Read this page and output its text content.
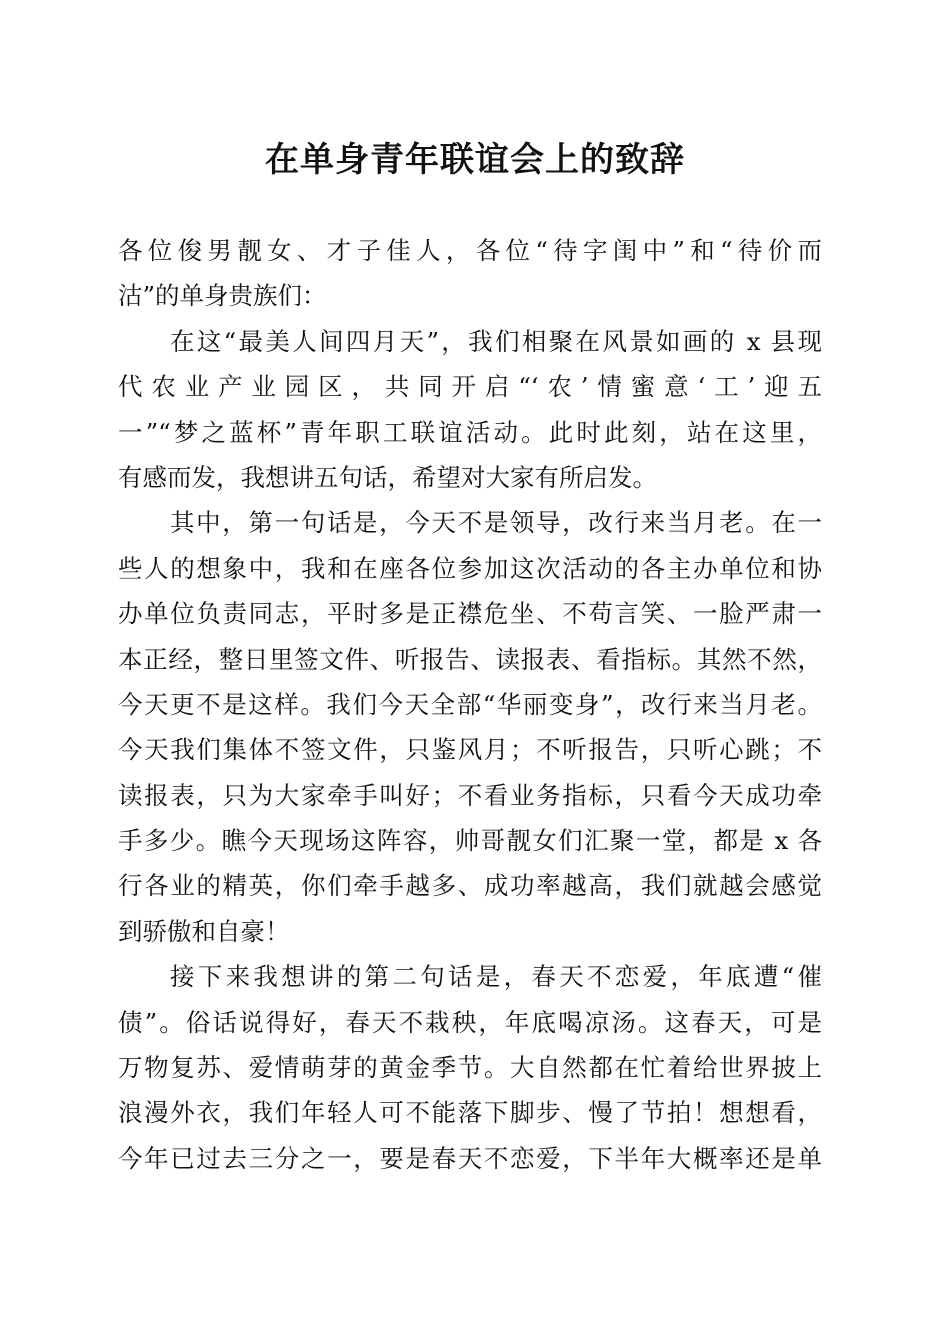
在单身青年联谊会上的致辞
各位俊男靓女、才子佳人，各位“待字闺中”和“待价而
沽”的单身贵族们：
在这“最美人间四月天”，我们相聚在风景如画的 x 县现
代农业产业园区，共同开启“‘农’情蜜意‘工’迎五
一”“梦之蓝杯”青年职工联谊活动。此时此刻，站在这里，
有感而发，我想讲五句话，希望对大家有所启发。
其中，第一句话是，今天不是领导，改行来当月老。在一
些人的想象中，我和在座各位参加这次活动的各主办单位和协
办单位负责同志，平时多是正襟危坐、不苟言笑、一脸严肃一
本正经，整日里签文件、听报告、读报表、看指标。其然不然，
今天更不是这样。我们今天全部“华丽变身”，改行来当月老。
今天我们集体不签文件，只鉴风月；不听报告，只听心跳；不
读报表，只为大家牵手叫好；不看业务指标，只看今天成功牵
手多少。瞧今天现场这阵容，帅哥靓女们汇聚一堂，都是 x 各
行各业的精英，你们牵手越多、成功率越高，我们就越会感觉
到骄傲和自豪！
接下来我想讲的第二句话是，春天不恋爱，年底遭“催
债”。俗话说得好，春天不栽秧，年底喝凉汤。这春天，可是
万物复苏、爱情萌芽的黄金季节。大自然都在忙着给世界披上
浪漫外衣，我们年轻人可不能落下脚步、慢了节拍！想想看，
今年已过去三分之一，要是春天不恋爱，下半年大概率还是单
